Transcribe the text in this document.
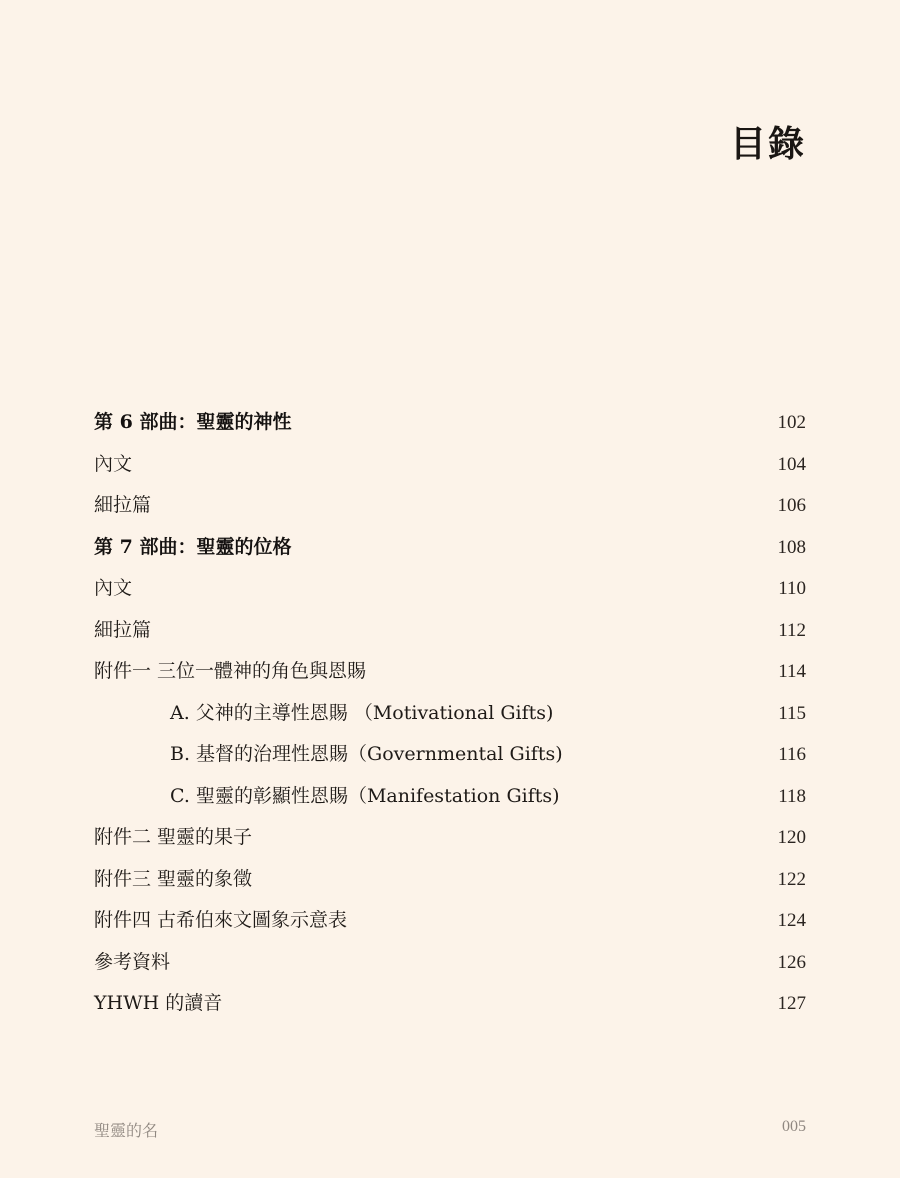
目錄
第 6 部曲：聖靈的神性	102
內文	104
細拉篇	106
第 7 部曲：聖靈的位格	108
內文	110
細拉篇	112
附件一 三位一體神的角色與恩賜	114
A. 父神的主導性恩賜 （Motivational Gifts)	115
B. 基督的治理性恩賜（Governmental Gifts)	116
C. 聖靈的彰顯性恩賜（Manifestation Gifts)	118
附件二 聖靈的果子	120
附件三 聖靈的象徵	122
附件四 古希伯來文圖象示意表	124
參考資料	126
YHWH 的讀音	127
聖靈的名	005
